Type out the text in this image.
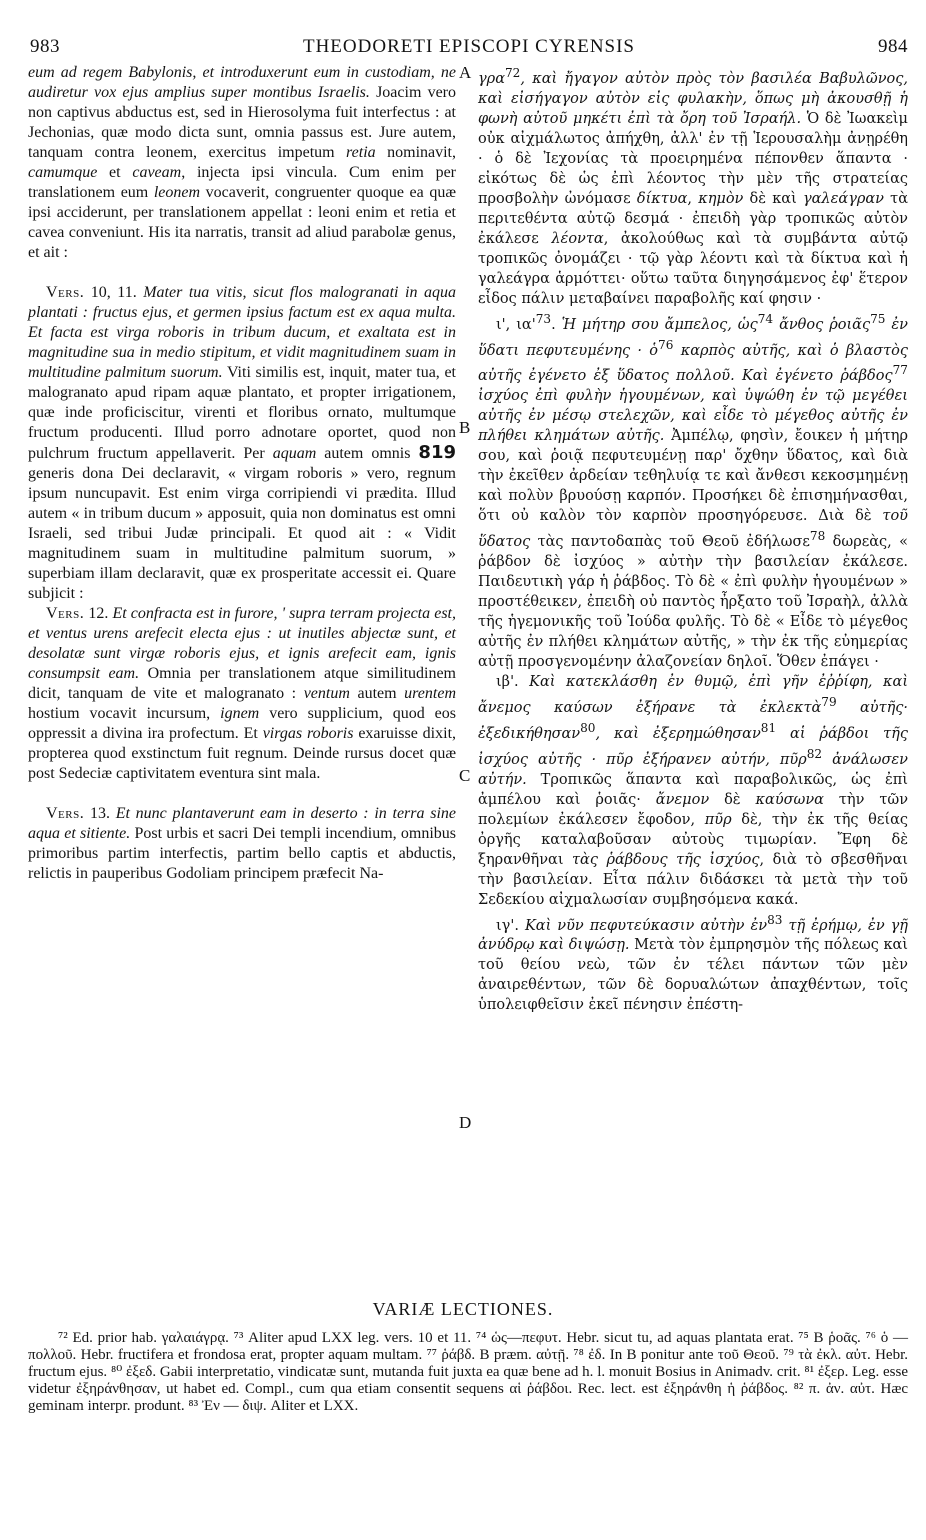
983	THEODORETI EPISCOPI CYRENSIS	984
A
B
C
D

eum ad regem Babylonis, et introduxerunt eum in custodiam, ne audiretur vox ejus amplius super montibus Israelis. Joacim vero non captivus abductus est, sed in Hierosolyma fuit interfectus : at Jechonias, quæ modo dicta sunt, omnia passus est. Jure autem, tanquam contra leonem, exercitus impetum retia nominavit, camumque et caveam, injecta ipsi vincula. Cum enim per translationem eum leonem vocaverit, congruenter quoque ea quæ ipsi acciderunt, per translationem appellat : leoni enim et retia et cavea conveniunt. His ita narratis, transit ad aliud parabolæ genus, et ait :

Vers. 10, 11. Mater tua vitis, sicut flos malogranati in aqua plantati : fructus ejus, et germen ipsius factum est ex aqua multa. Et facta est virga roboris in tribum ducum, et exaltata est in magnitudine sua in medio stipitum, et vidit magnitudinem suam in multitudine palmitum suorum. Viti similis est, inquit, mater tua, et malogranato apud ripam aquæ plantato, et propter irrigationem, quæ inde proficiscitur, virenti et floribus ornato, multumque fructum producenti. Illud porro adnotare oportet, quod non pulchrum fructum appellaverit. Per aquam autem omnis 819 generis dona Dei declaravit, « virgam roboris » vero, regnum ipsum nuncupavit. Est enim virga corripiendi vi prædita. Illud autem « in tribum ducum » apposuit, quia non dominatus est omni Israeli, sed tribui Judæ principali. Et quod ait : « Vidit magnitudinem suam in multitudine palmitum suorum, » superbiam illam declaravit, quæ ex prosperitate accessit ei. Quare subjicit :

Vers. 12. Et confracta est in furore, ' supra terram projecta est, et ventus urens arefecit electa ejus : ut inutiles abjectæ sunt, et desolatæ sunt virgæ roboris ejus, et ignis arefecit eam, ignis consumpsit eam. Omnia per translationem atque similitudinem dicit, tanquam de vite et malogranato : ventum autem urentem hostium vocavit incursum, ignem vero supplicium, quod eos oppressit a divina ira profectum. Et virgas roboris exaruisse dixit, propterea quod exstinctum fuit regnum. Deinde rursus docet quæ post Sedeciæ captivitatem eventura sint mala.

Vers. 13. Et nunc plantaverunt eam in deserto : in terra sine aqua et sitiente. Post urbis et sacri Dei templi incendium, omnibus primoribus partim interfectis, partim bello captis et abductis, relictis in pauperibus Godoliam principem præfecit Na-

γρα$^{72}$, καὶ ἤγαγον αὐτὸν πρὸς τὸν βασιλέα Βαβυλῶνος, καὶ εἰσήγαγον αὐτὸν εἰς φυλακὴν, ὅπως μὴ ἀκουσθῇ ἡ φωνὴ αὐτοῦ μηκέτι ἐπὶ τὰ ὄρη τοῦ Ἰσραήλ. Ὁ δὲ Ἰωακεὶμ οὐκ αἰχμάλωτος ἀπήχθη, ἀλλ' ἐν τῇ Ἱερουσαλὴμ ἀνῃρέθη · ὁ δὲ Ἰεχονίας τὰ προειρημένα πέπονθεν ἅπαντα · εἰκότως δὲ ὡς ἐπὶ λέοντος τὴν μὲν τῆς στρατείας προσβολὴν ὠνόμασε δίκτυα, κημὸν δὲ καὶ γαλεάγραν τὰ περιτεθέντα αὐτῷ δεσμά · ἐπειδὴ γὰρ τροπικῶς αὐτὸν ἐκάλεσε λέοντα, ἀκολούθως καὶ τὰ συμβάντα αὐτῷ τροπικῶς ὀνομάζει · τῷ γὰρ λέοντι καὶ τὰ δίκτυα καὶ ἡ γαλεάγρα ἁρμόττει· οὕτω ταῦτα διηγησάμενος ἐφ' ἕτερον εἶδος πάλιν μεταβαίνει παραβολῆς καί φησιν ·

ι', $\iota\alpha'^{73}$. Ἡ μήτηρ σου ἄμπελος, ὡς$^{74}$ ἄνθος ῥοιᾶς$^{75}$ ἐν ὕδατι πεφυτευμένης · ὁ$^{76}$ καρπὸς αὐτῆς, καὶ ὁ βλαστὸς αὐτῆς ἐγένετο ἐξ ὕδατος πολλοῦ. Καὶ ἐγένετο ῥάβδος$^{77}$ ἰσχύος ἐπὶ φυλὴν ἡγουμένων, καὶ ὑψώθη ἐν τῷ μεγέθει αὐτῆς ἐν μέσῳ στελεχῶν, καὶ εἶδε τὸ μέγεθος αὐτῆς ἐν πλήθει κλημάτων αὐτῆς. Ἀμπέλῳ, φησὶν, ἔοικεν ἡ μήτηρ σου, καὶ ῥοιᾷ πεφυτευμένῃ παρ' ὄχθην ὕδατος, καὶ διὰ τὴν ἐκεῖθεν ἀρδείαν τεθηλυίᾳ τε καὶ ἄνθεσι κεκοσμημένῃ καὶ πολὺν βρυούσῃ καρπόν. Προσήκει δὲ ἐπισημήνασθαι, ὅτι οὐ καλὸν τὸν καρπὸν προσηγόρευσε. Διὰ δὲ τοῦ ὕδατος τὰς παντοδαπὰς τοῦ Θεοῦ ἐδήλωσε$^{78}$ δωρεὰς, « ῥάβδον δὲ ἰσχύος » αὐτὴν τὴν βασιλείαν ἐκάλεσε. Παιδευτικὴ γάρ ἡ ῥάβδος. Τὸ δὲ « ἐπὶ φυλὴν ἡγουμένων » προστέθεικεν, ἐπειδὴ οὐ παντὸς ἦρξατο τοῦ Ἰσραὴλ, ἀλλὰ τῆς ἡγεμονικῆς τοῦ Ἰούδα φυλῆς. Τὸ δὲ « Εἶδε τὸ μέγεθος αὐτῆς ἐν πλήθει κλημάτων αὐτῆς, » τὴν ἐκ τῆς εὐημερίας αὐτῇ προσγενομένην ἀλαζονείαν δηλοῖ. Ὅθεν ἐπάγει ·

ιβ'. Καὶ κατεκλάσθη ἐν θυμῷ, ἐπὶ γῆν ἐῤῥίφη, καὶ ἄνεμος καύσων ἐξήρανε τὰ ἐκλεκτὰ$^{79}$ αὐτῆς· ἐξεδικήθησαν$^{80}$, καὶ ἐξερημώθησαν$^{81}$ αἱ ῥάβδοι τῆς ἰσχύος αὐτῆς · πῦρ ἐξήρανεν αὐτήν, πῦρ$^{82}$ ἀνάλωσεν αὐτήν. Τροπικῶς ἅπαντα καὶ παραβολικῶς, ὡς ἐπὶ ἀμπέλου καὶ ῥοιᾶς· ἄνεμον δὲ καύσωνα τὴν τῶν πολεμίων ἐκάλεσεν ἔφοδον, πῦρ δὲ, τὴν ἐκ τῆς θείας ὀργῆς καταλαβοῦσαν αὐτοὺς τιμωρίαν. Ἔφη δὲ ξηρανθῆναι τὰς ῥάβδους τῆς ἰσχύος, διὰ τὸ σβεσθῆναι τὴν βασιλείαν. Εἶτα πάλιν διδάσκει τὰ μετὰ τὴν τοῦ Σεδεκίου αἰχμαλωσίαν συμβησόμενα κακά.

ιγ'. Καὶ νῦν πεφυτεύκασιν αὐτὴν ἐν$^{83}$ τῇ ἐρήμῳ, ἐν γῇ ἀνύδρῳ καὶ διψώσῃ. Μετὰ τὸν ἐμπρησμὸν τῆς πόλεως καὶ τοῦ θείου νεὼ, τῶν ἐν τέλει πάντων τῶν μὲν ἀναιρεθέντων, τῶν δὲ δορυαλώτων ἀπαχθέντων, τοῖς ὑπολειφθεῖσιν ἐκεῖ πένησιν ἐπέστη-

VARIÆ LECTIONES.

⁷² Ed. prior hab. γαλαιάγρᾳ. ⁷³ Aliter apud LXX leg. vers. 10 et 11. ⁷⁴ ὡς—πεφυτ. Hebr. sicut tu, ad aquas plantata erat. ⁷⁵ B ῥοᾶς. ⁷⁶ ὁ — πολλοῦ. Hebr. fructifera et frondosa erat, propter aquam multam. ⁷⁷ ῥάβδ. B præm. αὐτῇ. ⁷⁸ ἐδ. In B ponitur ante τοῦ Θεοῦ. ⁷⁹ τὰ ἐκλ. αὐτ. Hebr. fructum ejus. ⁸⁰ ἐξεδ. Gabii interpretatio, vindicatæ sunt, mutanda fuit juxta ea quæ bene ad h. l. monuit Bosius in Animadv. crit. ⁸¹ ἐξερ. Leg. esse videtur ἐξηράνθησαν, ut habet ed. Compl., cum qua etiam consentit sequens αἱ ῥάβδοι. Rec. lect. est ἐξηράνθη ἡ ῥάβδος. ⁸² π. ἀν. αὐτ. Hæc geminam interpr. produnt. ⁸³ Ἐν — διψ. Aliter et LXX.
